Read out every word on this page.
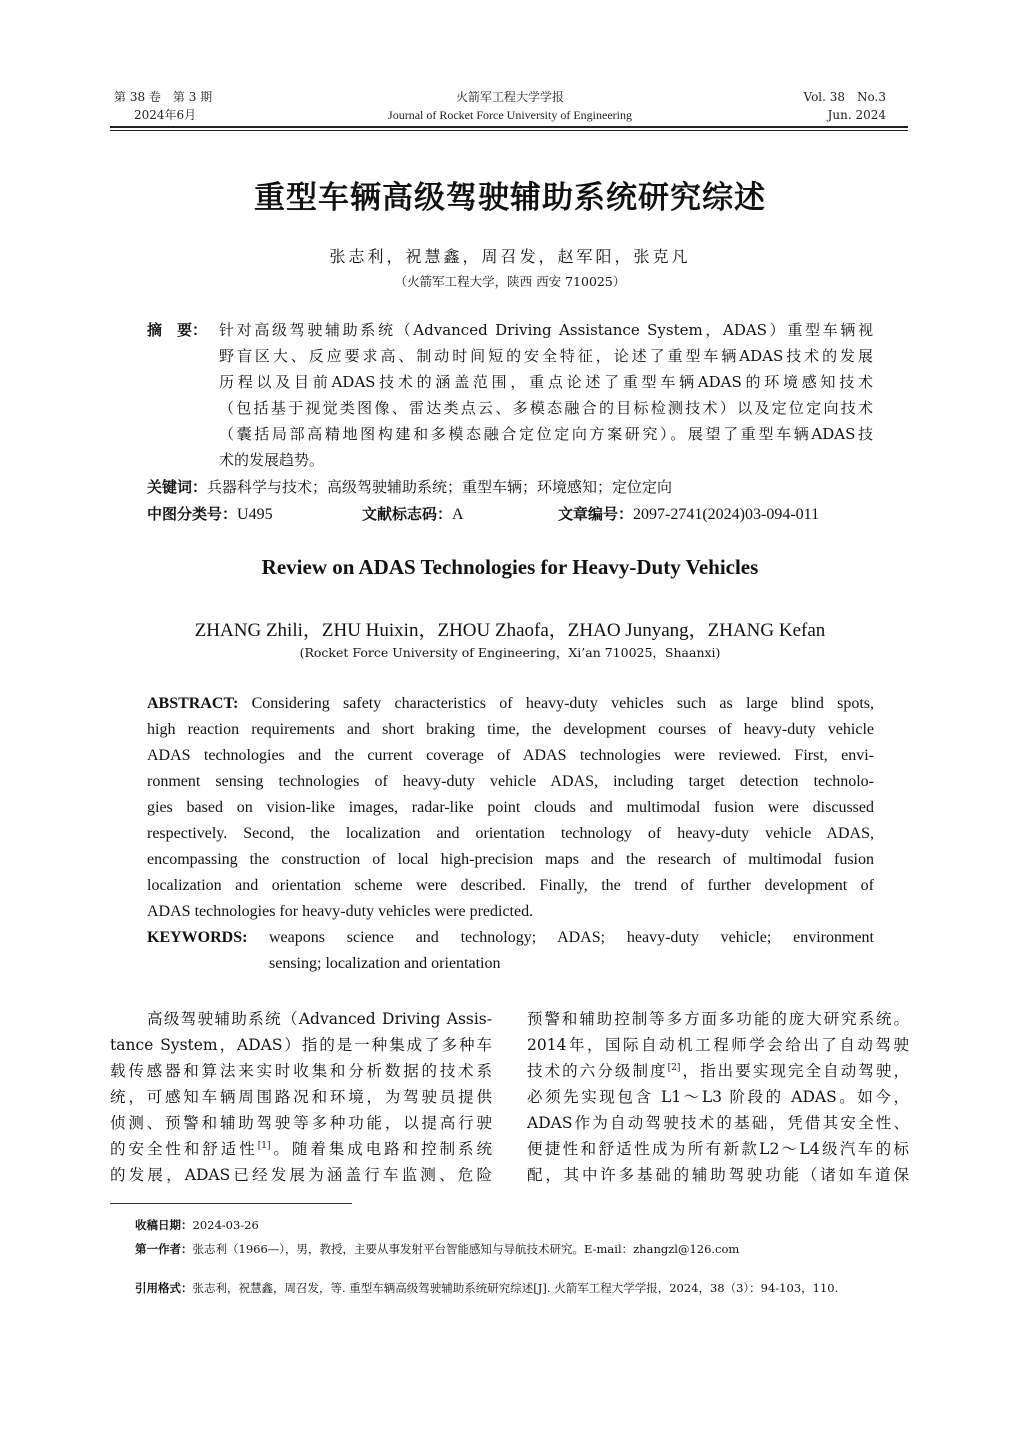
第 38 卷　第 3 期
2024年6月
火箭军工程大学学报
Journal of Rocket Force University of Engineering
Vol. 38　No.3
Jun. 2024
重型车辆高级驾驶辅助系统研究综述
张志利，祝慧鑫，周召发，赵军阳，张克凡
（火箭军工程大学，陕西 西安 710025）
摘　要： 针对高级驾驶辅助系统（Advanced Driving Assistance System，ADAS）重型车辆视
野盲区大、反应要求高、制动时间短的安全特征，论述了重型车辆ADAS技术的发展
历程以及目前ADAS技术的涵盖范围，重点论述了重型车辆ADAS的环境感知技术
（包括基于视觉类图像、雷达类点云、多模态融合的目标检测技术）以及定位定向技术
（囊括局部高精地图构建和多模态融合定位定向方案研究）。展望了重型车辆ADAS技
术的发展趋势。
关键词：兵器科学与技术；高级驾驶辅助系统；重型车辆；环境感知；定位定向
中图分类号：U495	文献标志码：A	文章编号：2097-2741(2024)03-094-011
Review on ADAS Technologies for Heavy-Duty Vehicles
ZHANG Zhili，ZHU Huixin，ZHOU Zhaofa，ZHAO Junyang，ZHANG Kefan
(Rocket Force University of Engineering，Xi’an 710025，Shaanxi)
ABSTRACT: Considering safety characteristics of heavy-duty vehicles such as large blind spots,
high reaction requirements and short braking time, the development courses of heavy-duty vehicle
ADAS technologies and the current coverage of ADAS technologies were reviewed. First, envi-
ronment sensing technologies of heavy-duty vehicle ADAS, including target detection technolo-
gies based on vision-like images, radar-like point clouds and multimodal fusion were discussed
respectively. Second, the localization and orientation technology of heavy-duty vehicle ADAS,
encompassing the construction of local high-precision maps and the research of multimodal fusion
localization and orientation scheme were described. Finally, the trend of further development of
ADAS technologies for heavy-duty vehicles were predicted.
KEYWORDS:	weapons science and technology; ADAS; heavy-duty vehicle; environment
sensing; localization and orientation
高级驾驶辅助系统（Advanced Driving Assis-
tance System，ADAS）指的是一种集成了多种车
载传感器和算法来实时收集和分析数据的技术系
统，可感知车辆周围路况和环境，为驾驶员提供
侦测、预警和辅助驾驶等多种功能，以提高行驶
的安全性和舒适性[1]。随着集成电路和控制系统
的发展，ADAS已经发展为涵盖行车监测、危险
预警和辅助控制等多方面多功能的庞大研究系统。
2014年，国际自动机工程师学会给出了自动驾驶
技术的六分级制度[2]，指出要实现完全自动驾驶，
必须先实现包含 L1～L3 阶段的 ADAS。如今，
ADAS作为自动驾驶技术的基础，凭借其安全性、
便捷性和舒适性成为所有新款L2～L4级汽车的标
配，其中许多基础的辅助驾驶功能（诸如车道保
收稿日期：2024-03-26
第一作者：张志利（1966—），男，教授，主要从事发射平台智能感知与导航技术研究。E-mail：zhangzl@126.com
引用格式：张志利，祝慧鑫，周召发，等. 重型车辆高级驾驶辅助系统研究综述[J]. 火箭军工程大学学报，2024，38（3）：94-103，110.
